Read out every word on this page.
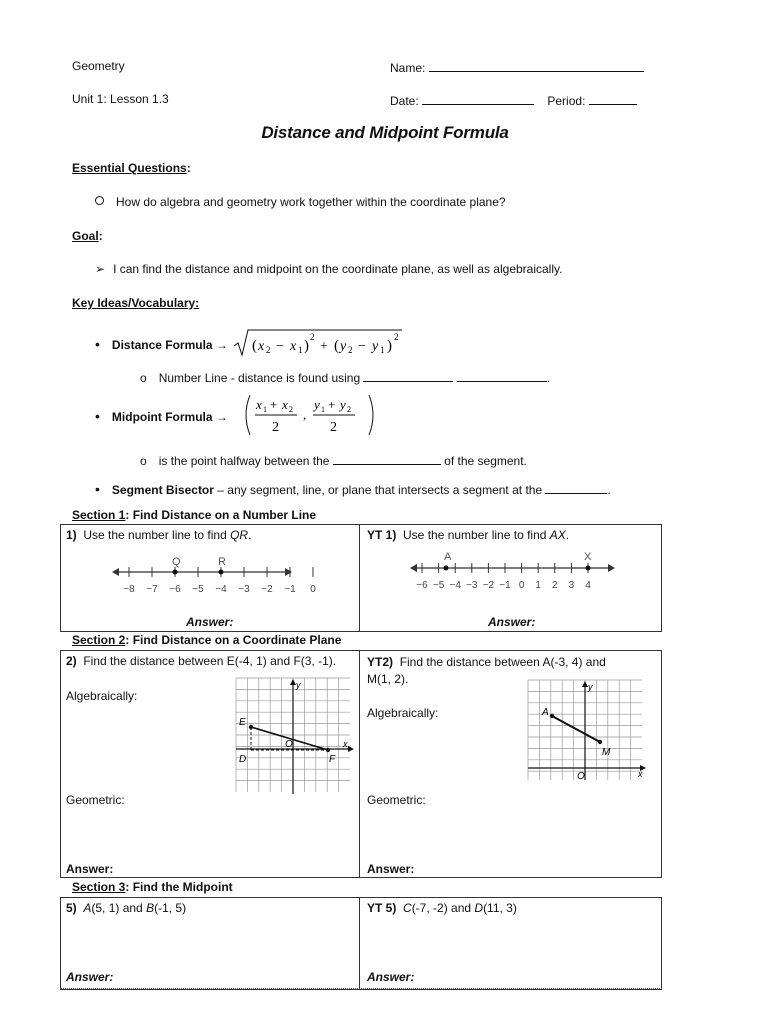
Geometry	Name:
Unit 1: Lesson 1.3	Date:	Period:
Distance and Midpoint Formula
Essential Questions:
How do algebra and geometry work together within the coordinate plane?
Goal:
➢ I can find the distance and midpoint on the coordinate plane, as well as algebraically.
Key Ideas/Vocabulary:
• Distance Formula → ( x 2 − x 1 )
2
+ ( y 2 − y 1 )
2
o Number Line - distance is found using	.
• Midpoint Formula →
x 1 + x 2
2
,
y 1 + y 2
2
o is the point halfway between the	of the segment.
• Segment Bisector – any segment, line, or plane that intersects a segment at the	.
Section 1: Find Distance on a Number Line
1) Use the number line to find QR.	YT 1) Use the number line to find AX.
−8 −7 −6 −5 −4 −3 −2 −1 0
Q	R
−6 −5 −4 −3 −2 −1 0 1 2 3 4
A	X
Answer:	Answer:
Section 2: Find Distance on a Coordinate Plane
2) Find the distance between E(-4, 1) and F(3, -1).	YT2) Find the distance between A(-3, 4) and
M(1, 2).
Algebraically:
Algebraically:
E
O	x
y
D	F
A
M
O	x
y
Geometric:	Geometric:
Answer:	Answer:
Section 3: Find the Midpoint
5) A(5, 1) and B(-1, 5)	YT 5) C(-7, -2) and D(11, 3)
Answer:	Answer:
